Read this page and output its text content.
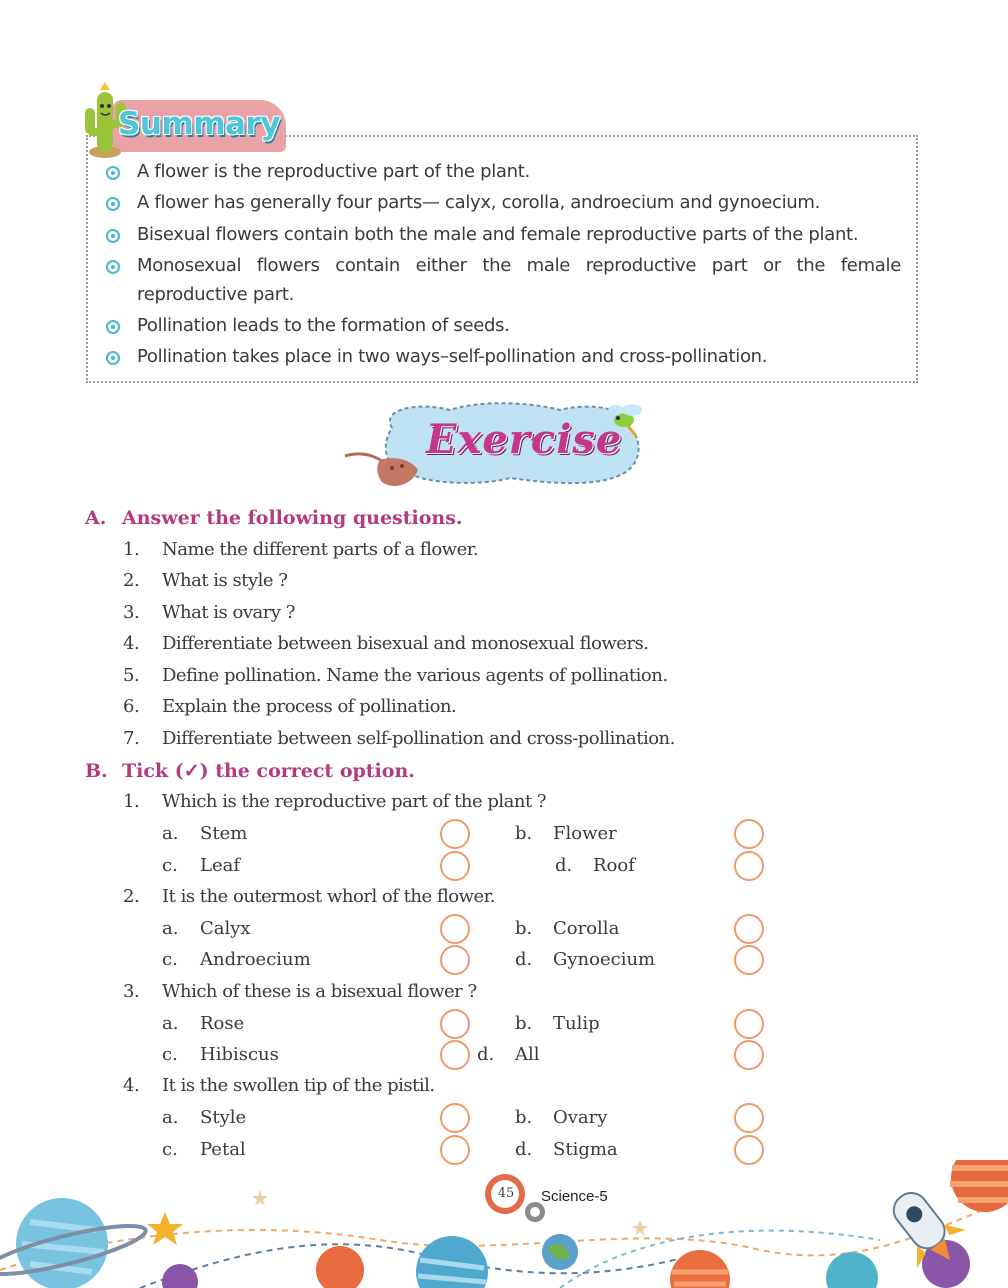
Summary
A flower is the reproductive part of the plant.
A flower has generally four parts— calyx, corolla, androecium and gynoecium.
Bisexual flowers contain both the male and female reproductive parts of the plant.
Monosexual flowers contain either the male reproductive part or the female reproductive part.
Pollination leads to the formation of seeds.
Pollination takes place in two ways–self-pollination and cross-pollination.
Exercise
A. Answer the following questions.
1. Name the different parts of a flower.
2. What is style ?
3. What is ovary ?
4. Differentiate between bisexual and monosexual flowers.
5. Define pollination. Name the various agents of pollination.
6. Explain the process of pollination.
7. Differentiate between self-pollination and cross-pollination.
B. Tick (✓) the correct option.
1. Which is the reproductive part of the plant ?
a. Stem	b. Flower
c. Leaf	d. Roof
2. It is the outermost whorl of the flower.
a. Calyx	b. Corolla
c. Androecium	d. Gynoecium
3. Which of these is a bisexual flower ?
a. Rose	b. Tulip
c. Hibiscus	d. All
4. It is the swollen tip of the pistil.
a. Style	b. Ovary
c. Petal	d. Stigma
45	Science-5
